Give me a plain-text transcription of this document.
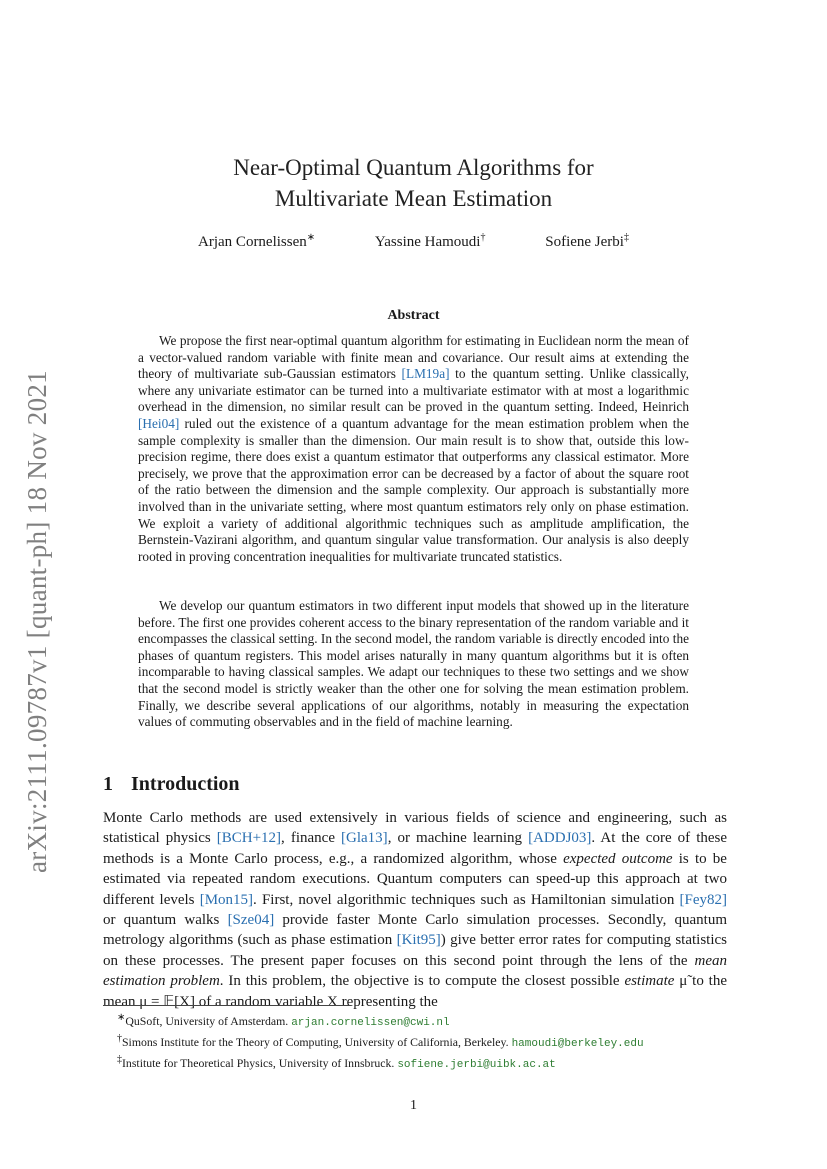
arXiv:2111.09787v1 [quant-ph] 18 Nov 2021
Near-Optimal Quantum Algorithms for
Multivariate Mean Estimation
Arjan Cornelissen∗	Yassine Hamoudi†	Sofiene Jerbi‡
Abstract

We propose the first near-optimal quantum algorithm for estimating in Euclidean norm the mean of a vector-valued random variable with finite mean and covariance. Our result aims at extending the theory of multivariate sub-Gaussian estimators [LM19a] to the quantum setting. Unlike classically, where any univariate estimator can be turned into a multivariate estimator with at most a logarithmic overhead in the dimension, no similar result can be proved in the quantum setting. Indeed, Heinrich [Hei04] ruled out the existence of a quantum advantage for the mean estimation problem when the sample complexity is smaller than the dimension. Our main result is to show that, outside this low-precision regime, there does exist a quantum estimator that outperforms any classical estimator. More precisely, we prove that the approximation error can be decreased by a factor of about the square root of the ratio between the dimension and the sample complexity. Our approach is substantially more involved than in the univariate setting, where most quantum estimators rely only on phase estimation. We exploit a variety of additional algorithmic techniques such as amplitude amplification, the Bernstein-Vazirani algorithm, and quantum singular value transformation. Our analysis is also deeply rooted in proving concentration inequalities for multivariate truncated statistics.

We develop our quantum estimators in two different input models that showed up in the literature before. The first one provides coherent access to the binary representation of the random variable and it encompasses the classical setting. In the second model, the random variable is directly encoded into the phases of quantum registers. This model arises naturally in many quantum algorithms but it is often incomparable to having classical samples. We adapt our techniques to these two settings and we show that the second model is strictly weaker than the other one for solving the mean estimation problem. Finally, we describe several applications of our algorithms, notably in measuring the expectation values of commuting observables and in the field of machine learning.

1 Introduction

Monte Carlo methods are used extensively in various fields of science and engineering, such as statistical physics [BCH+12], finance [Gla13], or machine learning [ADDJ03]. At the core of these methods is a Monte Carlo process, e.g., a randomized algorithm, whose expected outcome is to be estimated via repeated random executions. Quantum computers can speed-up this approach at two different levels [Mon15]. First, novel algorithmic techniques such as Hamiltonian simulation [Fey82] or quantum walks [Sze04] provide faster Monte Carlo simulation processes. Secondly, quantum metrology algorithms (such as phase estimation [Kit95]) give better error rates for computing statistics on these processes. The present paper focuses on this second point through the lens of the mean estimation problem. In this problem, the objective is to compute the closest possible estimate μ̃ to the mean μ = 𝔼[X] of a random variable X representing the

∗QuSoft, University of Amsterdam. arjan.cornelissen@cwi.nl
†Simons Institute for the Theory of Computing, University of California, Berkeley. hamoudi@berkeley.edu
‡Institute for Theoretical Physics, University of Innsbruck. sofiene.jerbi@uibk.ac.at
1
